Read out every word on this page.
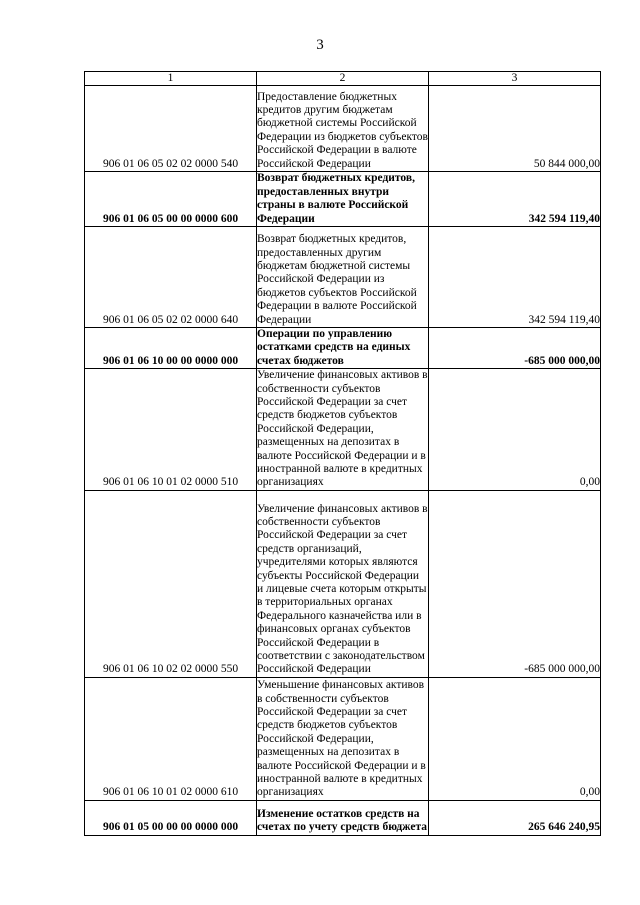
3
1	2	3
906 01 06 05 02 02 0000 540	Предоставление бюджетных кредитов другим бюджетам бюджетной системы Российской Федерации из бюджетов субъектов Российской Федерации в валюте Российской Федерации	50 844 000,00
906 01 06 05 00 00 0000 600	Возврат бюджетных кредитов, предоставленных внутри страны в валюте Российской Федерации	342 594 119,40
906 01 06 05 02 02 0000 640	Возврат бюджетных кредитов, предоставленных другим бюджетам бюджетной системы Российской Федерации из бюджетов субъектов Российской Федерации в валюте Российской Федерации	342 594 119,40
906 01 06 10 00 00 0000 000	Операции по управлению остатками средств на единых счетах бюджетов	-685 000 000,00
906 01 06 10 01 02 0000 510	Увеличение финансовых активов в собственности субъектов Российской Федерации за счет средств бюджетов субъектов Российской Федерации, размещенных на депозитах в валюте Российской Федерации и в иностранной валюте в кредитных организациях	0,00
906 01 06 10 02 02 0000 550	Увеличение финансовых активов в собственности субъектов Российской Федерации за счет средств организаций, учредителями которых являются субъекты Российской Федерации и лицевые счета которым открыты в территориальных органах Федерального казначейства или в финансовых органах субъектов Российской Федерации в соответствии с законодательством Российской Федерации	-685 000 000,00
906 01 06 10 01 02 0000 610	Уменьшение финансовых активов в собственности субъектов Российской Федерации за счет средств бюджетов субъектов Российской Федерации, размещенных на депозитах в валюте Российской Федерации и в иностранной валюте в кредитных организациях	0,00
906 01 05 00 00 00 0000 000	Изменение остатков средств на счетах по учету средств бюджета	265 646 240,95
